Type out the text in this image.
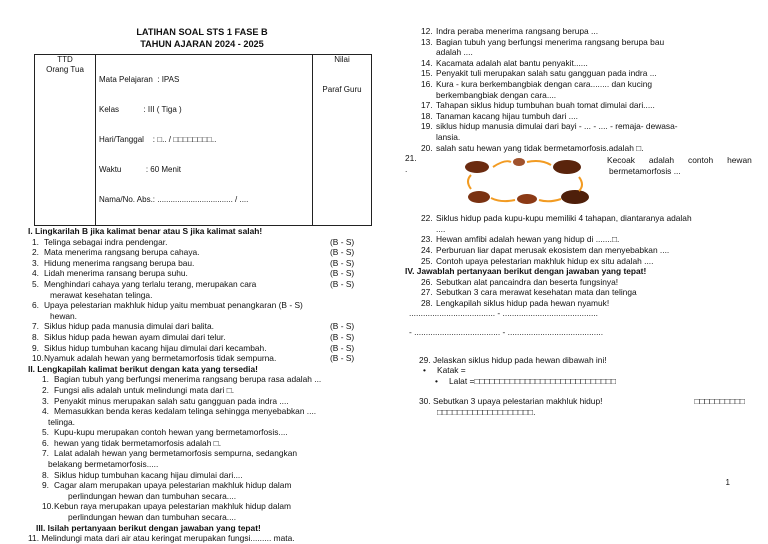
LATIHAN SOAL STS 1 FASE B
TAHUN AJARAN 2024 - 2025
TTD
Orang Tua

Mata Pelajaran  : IPAS

Kelas           : III ( Tiga )

Hari/Tanggal    : □.. / □□□□□□□□..

Waktu           : 60 Menit

Nama/No. Abs.: .................................. / ....

Nilai
Paraf Guru
I. Lingkarilah B jika kalimat benar atau S jika kalimat salah!
1. Telinga sebagai indra pendengar.	(B - S)
2. Mata menerima rangsang berupa cahaya.	(B - S)
3. Hidung menerima rangsang berupa bau.	(B - S)
4. Lidah menerima ransang berupa suhu.	(B - S)
5. Menghindari cahaya yang terlalu terang, merupakan cara	(B - S)
merawat kesehatan telinga.
6. Upaya pelestarian makhluk hidup yaitu membuat penangkaran (B - S)
hewan.
7. Siklus hidup pada manusia dimulai dari balita.	(B - S)
8. Siklus hidup pada hewan ayam dimulai dari telur.	(B - S)
9. Siklus hidup tumbuhan kacang hijau dimulai dari kecambah.	(B - S)
10. Nyamuk adalah hewan yang bermetamorfosis tidak sempurna.	(B - S)
II. Lengkapilah kalimat berikut dengan kata yang tersedia!
1. Bagian tubuh yang berfungsi menerima rangsang berupa rasa adalah ...
2. Fungsi alis adalah untuk melindungi mata dari □.
3. Penyakit minus merupakan salah satu gangguan pada indra ....
4. Memasukkan benda keras kedalam telinga sehingga menyebabkan ....
telinga.
5. Kupu-kupu merupakan contoh hewan yang bermetamorfosis....
6. hewan yang tidak bermetamorfosis adalah □.
7. Lalat adalah hewan yang bermetamorfosis sempurna, sedangkan
belakang bermetamorfosis.....
8. Siklus hidup tumbuhan kacang hijau dimulai dari....
9. Cagar alam merupakan upaya pelestarian makhluk hidup dalam
perlindungan hewan dan tumbuhan secara....
10. Kebun raya merupakan upaya pelestarian makhluk hidup dalam
perlindungan hewan dan tumbuhan secara....
III. Isilah pertanyaan berikut dengan jawaban yang tepat!
11. Melindungi mata dari air atau keringat merupakan fungsi......... mata.
12. Indra peraba menerima rangsang berupa ...
13. Bagian tubuh yang berfungsi menerima rangsang berupa bau
adalah ....
14. Kacamata adalah alat bantu penyakit......
15. Penyakit tuli merupakan salah satu gangguan pada indra ...
16. Kura - kura berkembangbiak dengan cara........ dan kucing
berkembangbiak dengan cara....
17. Tahapan siklus hidup tumbuhan buah tomat dimulai dari.....
18. Tanaman kacang hijau tumbuh dari ....
19. siklus hidup manusia dimulai dari bayi - ... - .... - remaja- dewasa-
lansia.
20. salah satu hewan yang tidak bermetamorfosis.adalah □.
21. .
Kecoak      adalah      contoh      hewan
bermetamorfosis ...
22. Siklus hidup pada kupu-kupu memiliki 4 tahapan, diantaranya adalah
....
23. Hewan amfibi adalah hewan yang hidup di .......□.
24. Perburuan liar dapat merusak ekosistem dan menyebabkan ....
25. Contoh upaya pelestarian makhluk hidup ex situ adalah ....
IV. Jawablah pertanyaan berikut dengan jawaban yang tepat!
26. Sebutkan alat pancaindra dan beserta fungsinya!
27. Sebutkan 3 cara merawat kesehatan mata dan telinga
28. Lengkapilah siklus hidup pada hewan nyamuk!
..................................... - .........................................
- ..................................... - .........................................
29. Jelaskan siklus hidup pada hewan dibawah ini!
•	Katak =
•	Lalat =□□□□□□□□□□□□□□□□□□□□□□□□□□□□
30. Sebutkan 3 upaya pelestarian makhluk hidup!	□□□□□□□□□□
□□□□□□□□□□□□□□□□□□□.
1
